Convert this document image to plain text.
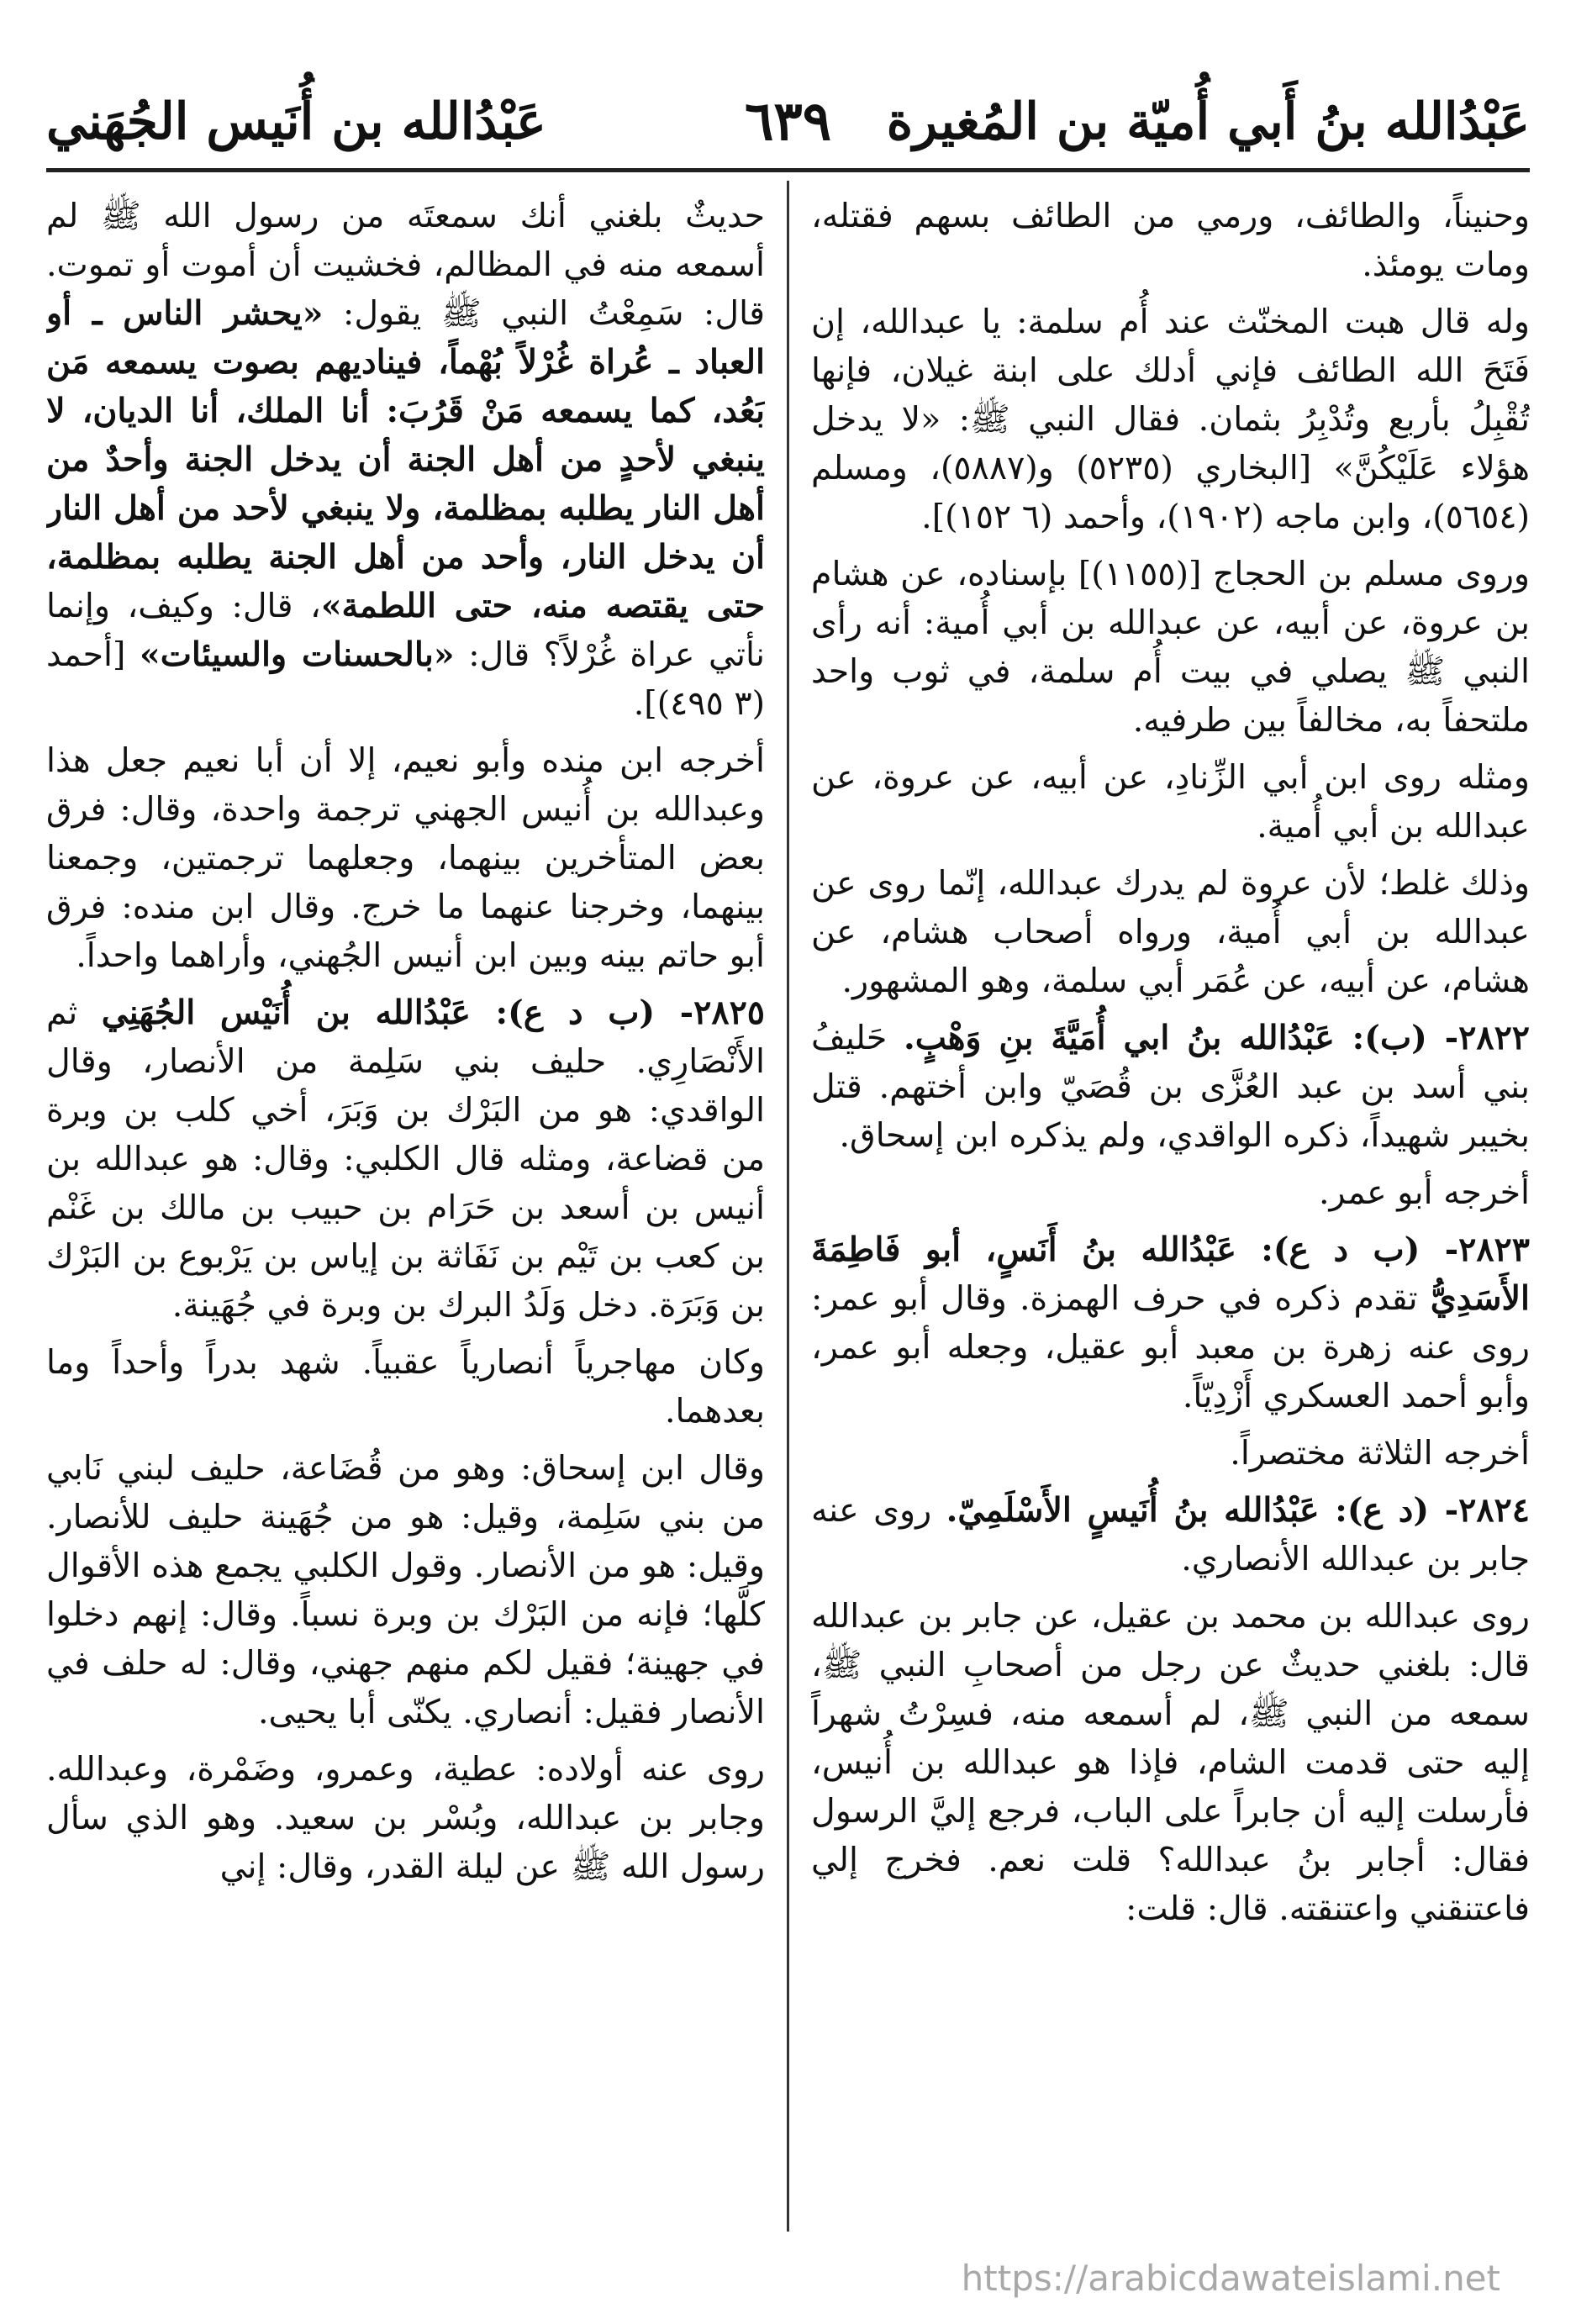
عَبْدُالله بنُ أَبي أُميّة بن المُغيرة
٦٣٩
عَبْدُالله بن أُنَيس الجُهَني

وحنيناً، والطائف، ورمي من الطائف بسهم فقتله، ومات يومئذ.

وله قال هبت المخنّث عند أُم سلمة: يا عبدالله، إن فَتَحَ الله الطائف فإني أدلك على ابنة غيلان، فإنها تُقْبِلُ بأربع وتُدْبِرُ بثمان. فقال النبي ﷺ: «لا يدخل هؤلاء عَلَيْكُنَّ» [البخاري (٥٢٣٥) و(٥٨٨٧)، ومسلم (٥٦٥٤)، وابن ماجه (١٩٠٢)، وأحمد (٦ ١٥٢)].

وروى مسلم بن الحجاج [(١١٥٥)] بإسناده، عن هشام بن عروة، عن أبيه، عن عبدالله بن أبي أُمية: أنه رأى النبي ﷺ يصلي في بيت أُم سلمة، في ثوب واحد ملتحفاً به، مخالفاً بين طرفيه.

ومثله روى ابن أبي الزِّنادِ، عن أبيه، عن عروة، عن عبدالله بن أبي أُمية.

وذلك غلط؛ لأن عروة لم يدرك عبدالله، إنّما روى عن عبدالله بن أبي أُمية، ورواه أصحاب هشام، عن هشام، عن أبيه، عن عُمَر أبي سلمة، وهو المشهور.

٢٨٢٢- (ب): عَبْدُالله بنُ ابي أُمَيَّةَ بنِ وَهْبٍ. حَليفُ بني أسد بن عبد العُزَّى بن قُصَيّ وابن أختهم. قتل بخيبر شهيداً، ذكره الواقدي، ولم يذكره ابن إسحاق.

أخرجه أبو عمر.

٢٨٢٣- (ب د ع): عَبْدُالله بنُ أَنَسٍ، أبو فَاطِمَةَ الأَسَدِيُّ تقدم ذكره في حرف الهمزة. وقال أبو عمر: روى عنه زهرة بن معبد أبو عقيل، وجعله أبو عمر، وأبو أحمد العسكري أَزْدِيّاً.

أخرجه الثلاثة مختصراً.

٢٨٢٤- (د ع): عَبْدُالله بنُ أُنَيسٍ الأَسْلَمِيّ. روى عنه جابر بن عبدالله الأنصاري.

روى عبدالله بن محمد بن عقيل، عن جابر بن عبدالله قال: بلغني حديثٌ عن رجل من أصحابِ النبي ﷺ، سمعه من النبي ﷺ، لم أسمعه منه، فسِرْتُ شهراً إليه حتى قدمت الشام، فإذا هو عبدالله بن أُنيس، فأرسلت إليه أن جابراً على الباب، فرجع إليَّ الرسول فقال: أجابر بنُ عبدالله؟ قلت نعم. فخرج إلي فاعتنقني واعتنقته. قال: قلت:

حديثٌ بلغني أنك سمعتَه من رسول الله ﷺ لم أسمعه منه في المظالم، فخشيت أن أموت أو تموت. قال: سَمِعْتُ النبي ﷺ يقول: «يحشر الناس ـ أو العباد ـ عُراة غُرْلاً بُهْماً، فيناديهم بصوت يسمعه مَن بَعُد، كما يسمعه مَنْ قَرُبَ: أنا الملك، أنا الديان، لا ينبغي لأحدٍ من أهل الجنة أن يدخل الجنة وأحدٌ من أهل النار يطلبه بمظلمة، ولا ينبغي لأحد من أهل النار أن يدخل النار، وأحد من أهل الجنة يطلبه بمظلمة، حتى يقتصه منه، حتى اللطمة»، قال: وكيف، وإنما نأتي عراة غُرْلاً؟ قال: «بالحسنات والسيئات» [أحمد (٣ ٤٩٥)].

أخرجه ابن منده وأبو نعيم، إلا أن أبا نعيم جعل هذا وعبدالله بن أُنيس الجهني ترجمة واحدة، وقال: فرق بعض المتأخرين بينهما، وجعلهما ترجمتين، وجمعنا بينهما، وخرجنا عنهما ما خرج. وقال ابن منده: فرق أبو حاتم بينه وبين ابن أنيس الجُهني، وأراهما واحداً.

٢٨٢٥- (ب د ع): عَبْدُالله بن أُنَيْس الجُهَنِي ثم الأَنْصَارِي. حليف بني سَلِمة من الأنصار، وقال الواقدي: هو من البَرْك بن وَبَرَ، أخي كلب بن وبرة من قضاعة، ومثله قال الكلبي: وقال: هو عبدالله بن أنيس بن أسعد بن حَرَام بن حبيب بن مالك بن غَنْم بن كعب بن تَيْم بن نَفَاثة بن إياس بن يَرْبوع بن البَرْك بن وَبَرَة. دخل وَلَدُ البرك بن وبرة في جُهَينة.

وكان مهاجرياً أنصارياً عقبياً. شهد بدراً وأحداً وما بعدهما.

وقال ابن إسحاق: وهو من قُضَاعة، حليف لبني نَابي من بني سَلِمة، وقيل: هو من جُهَينة حليف للأنصار. وقيل: هو من الأنصار. وقول الكلبي يجمع هذه الأقوال كلَّها؛ فإنه من البَرْك بن وبرة نسباً. وقال: إنهم دخلوا في جهينة؛ فقيل لكم منهم جهني، وقال: له حلف في الأنصار فقيل: أنصاري. يكنّى أبا يحيى.

روى عنه أولاده: عطية، وعمرو، وضَمْرة، وعبدالله. وجابر بن عبدالله، وبُسْر بن سعيد. وهو الذي سأل رسول الله ﷺ عن ليلة القدر، وقال: إني

https://arabicdawateislami.net
